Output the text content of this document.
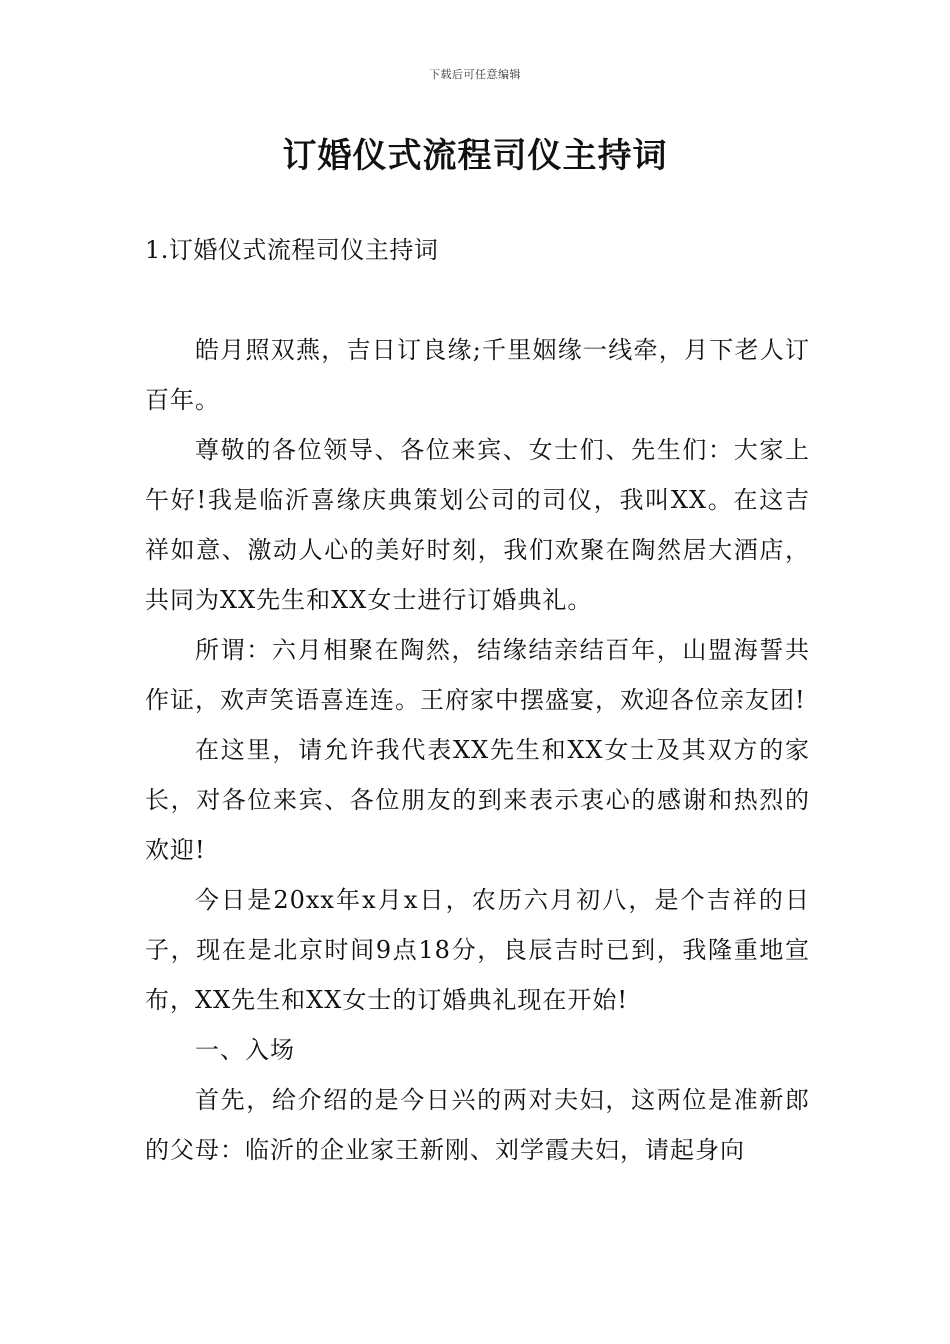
下载后可任意编辑
订婚仪式流程司仪主持词
1.订婚仪式流程司仪主持词

皓月照双燕，吉日订良缘;千里姻缘一线牵，月下老人订百年。

尊敬的各位领导、各位来宾、女士们、先生们：大家上午好!我是临沂喜缘庆典策划公司的司仪，我叫XX。在这吉祥如意、激动人心的美好时刻，我们欢聚在陶然居大酒店，共同为XX先生和XX女士进行订婚典礼。

所谓：六月相聚在陶然，结缘结亲结百年，山盟海誓共作证，欢声笑语喜连连。王府家中摆盛宴，欢迎各位亲友团!

在这里，请允许我代表XX先生和XX女士及其双方的家长，对各位来宾、各位朋友的到来表示衷心的感谢和热烈的欢迎!

今日是20xx年x月x日，农历六月初八，是个吉祥的日子，现在是北京时间9点18分，良辰吉时已到，我隆重地宣布，XX先生和XX女士的订婚典礼现在开始!

一、入场

首先，给介绍的是今日兴的两对夫妇，这两位是准新郎的父母：临沂的企业家王新刚、刘学霞夫妇，请起身向
